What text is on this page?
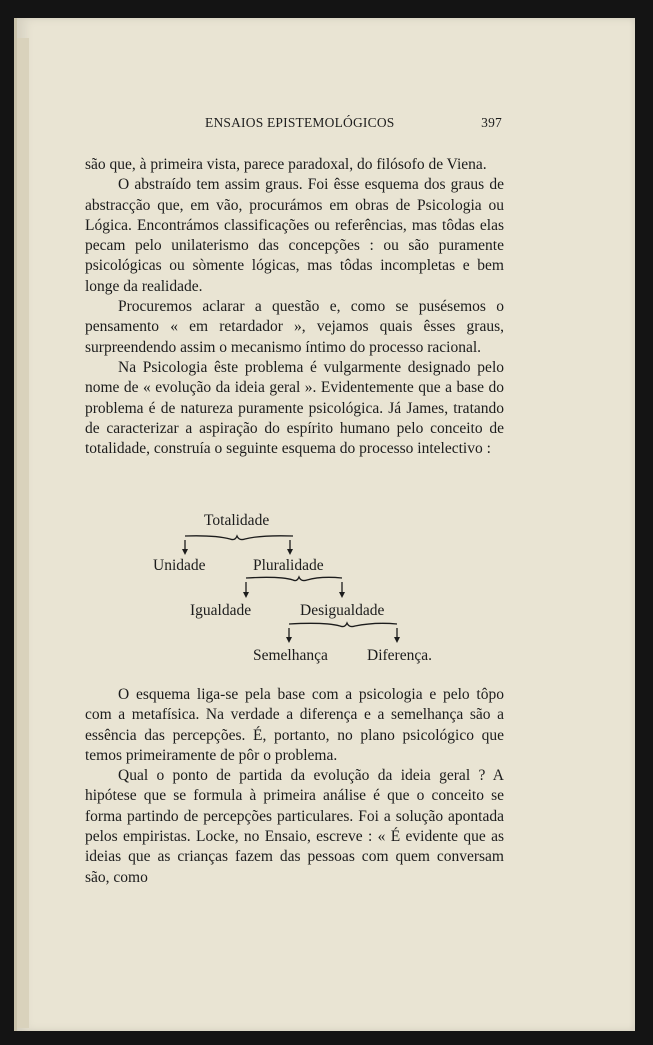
ENSAIOS EPISTEMOLÓGICOS	397

são que, à primeira vista, parece paradoxal, do filósofo de Viena.

O abstraído tem assim graus. Foi êsse esquema dos graus de abstracção que, em vão, procurámos em obras de Psicologia ou Lógica. Encontrámos classificações ou referências, mas tôdas elas pecam pelo unilaterismo das concepções : ou são puramente psicológicas ou sòmente lógicas, mas tôdas incompletas e bem longe da realidade.

Procuremos aclarar a questão e, como se pusésemos o pensamento « em retardador », vejamos quais êsses graus, surpreendendo assim o mecanismo íntimo do processo racional.

Na Psicologia êste problema é vulgarmente designado pelo nome de « evolução da ideia geral ». Evidentemente que a base do problema é de natureza puramente psicológica. Já James, tratando de caracterizar a aspiração do espírito humano pelo conceito de totalidade, construía o seguinte esquema do processo intelectivo :

Totalidade
Unidade	Pluralidade
Igualdade	Desigualdade
Semelhança	Diferença.

O esquema liga-se pela base com a psicologia e pelo tôpo com a metafísica. Na verdade a diferença e a semelhança são a essência das percepções. É, portanto, no plano psicológico que temos primeiramente de pôr o problema.

Qual o ponto de partida da evolução da ideia geral ? A hipótese que se formula à primeira análise é que o conceito se forma partindo de percepções particulares. Foi a solução apontada pelos empiristas. Locke, no Ensaio, escreve : « É evidente que as ideias que as crianças fazem das pessoas com quem conversam são, como
